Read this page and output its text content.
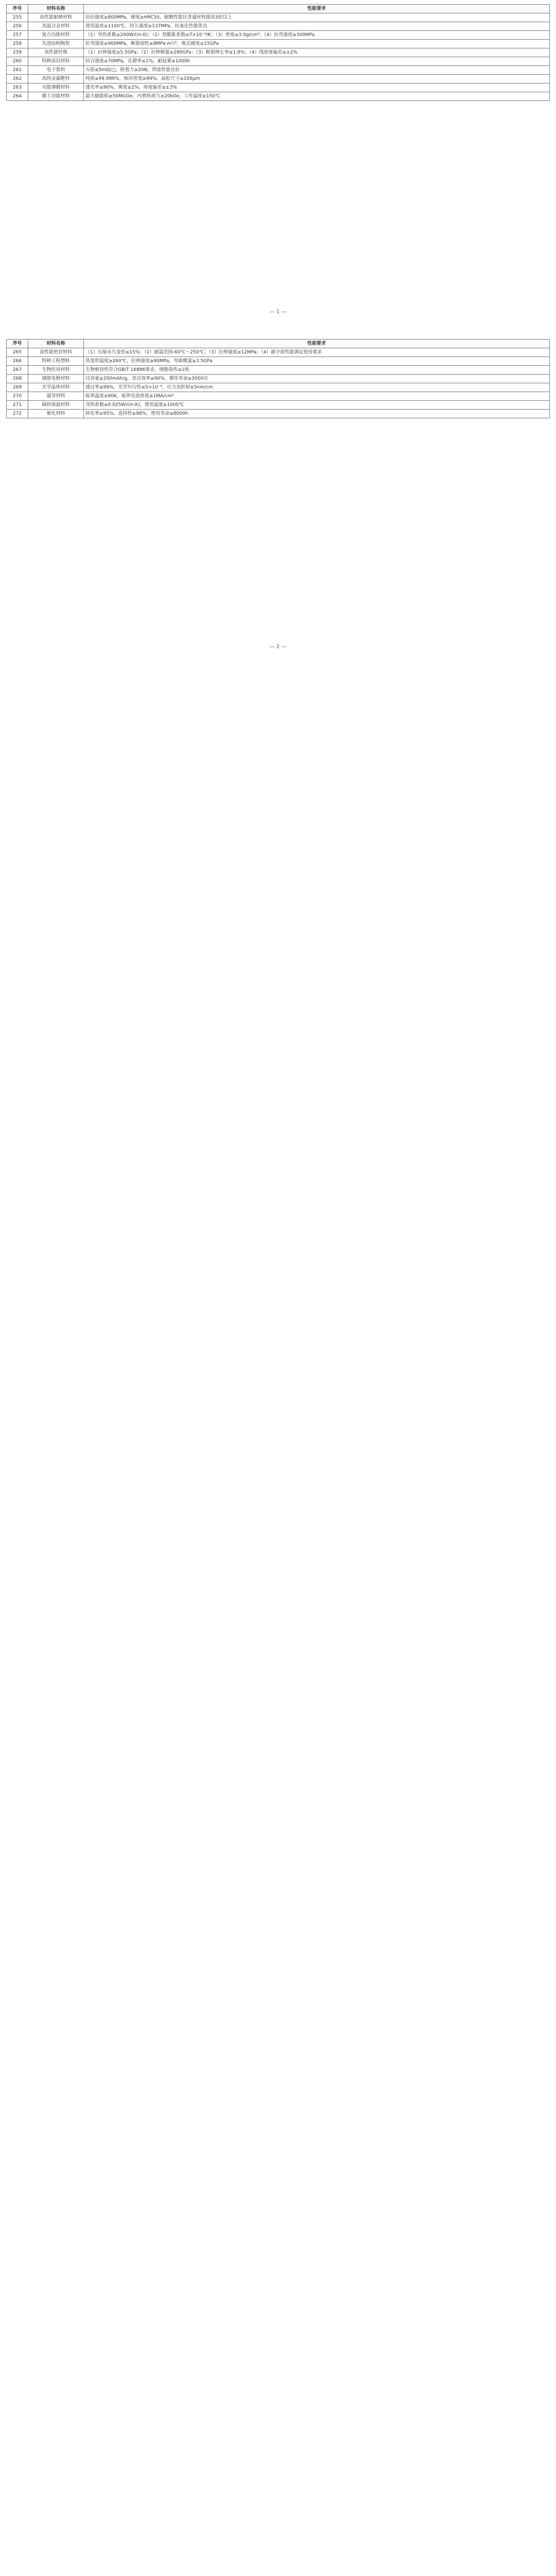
序号	材料名称	性能要求
255	高性能耐磨材料	抗拉强度≥800MPa，硬度≥HRC50，耐磨性能比普通材料提高3倍以上
256	高温合金材料	使用温度≥1100℃，持久强度≥137MPa，抗氧化性能优良
257	复合功能材料	（1）导热系数≥200W/(m·K)；（2）热膨胀系数≤7×10⁻⁶/K；（3）密度≤3.0g/cm³；（4）抗弯强度≥300MPa
258	先进结构陶瓷	抗弯强度≥900MPa，断裂韧性≥8MPa·m¹/²，维氏硬度≥15GPa
259	高性能纤维	（1）拉伸强度≥5.5GPa；（2）拉伸模量≥290GPa；（3）断裂伸长率≥1.8%；（4）线密度偏差≤±2%
260	特种涂层材料	结合强度≥70MPa，孔隙率≤1%，耐盐雾≥1000h
261	电子浆料	方阻≤5mΩ/□，附着力≥20N，焊接性能良好
262	高纯金属靶材	纯度≥99.999%，相对密度≥99%，晶粒尺寸≤100μm
263	功能薄膜材料	透光率≥90%，雾度≤1%，厚度偏差≤±3%
264	稀土功能材料	最大磁能积≥50MGOe，内禀矫顽力≥20kOe，工作温度≥150℃
— 1 —
序号	材料名称	性能要求
265	高性能密封材料	（1）压缩永久变形≤15%；（2）耐温范围-60℃～250℃；（3）拉伸强度≥12MPa；（4）耐介质性能满足使用要求
266	特种工程塑料	热变形温度≥260℃，拉伸强度≥90MPa，弯曲模量≥3.5GPa
267	生物医用材料	生物相容性符合GB/T 16886要求，细胞毒性≤1级
268	储能电极材料	比容量≥200mAh/g，首次效率≥90%，循环寿命≥3000次
269	光学晶体材料	透过率≥99%，光学均匀性≤5×10⁻⁶，应力双折射≤5nm/cm
270	超导材料	临界温度≥90K，临界电流密度≥1MA/cm²
271	隔热保温材料	导热系数≤0.025W/(m·K)，使用温度≥1000℃
272	催化材料	转化率≥95%，选择性≥98%，使用寿命≥8000h
— 2 —
